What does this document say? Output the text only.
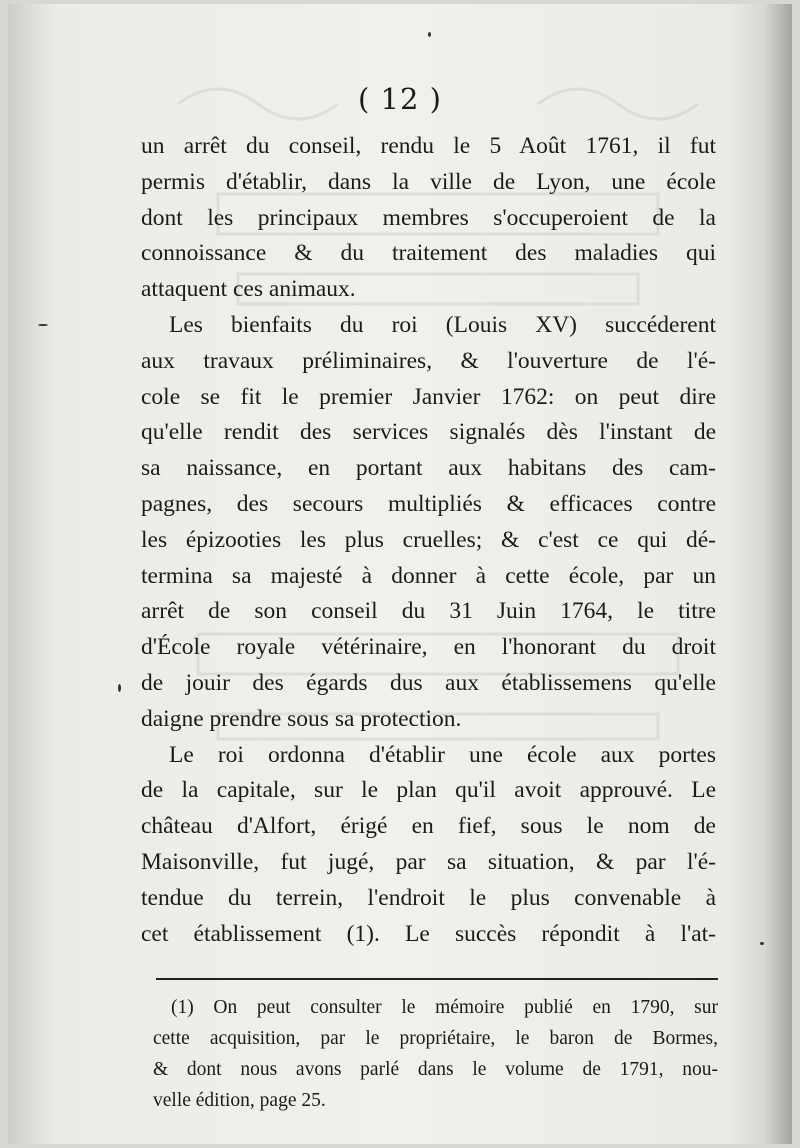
( 12 )
un arrêt du conseil, rendu le 5 Août 1761, il fut
permis d'établir, dans la ville de Lyon, une école
dont les principaux membres s'occuperoient de la
connoissance & du traitement des maladies qui
attaquent ces animaux.
Les bienfaits du roi (Louis XV) succéderent
aux travaux préliminaires, & l'ouverture de l'é-
cole se fit le premier Janvier 1762: on peut dire
qu'elle rendit des services signalés dès l'instant de
sa naissance, en portant aux habitans des cam-
pagnes, des secours multipliés & efficaces contre
les épizooties les plus cruelles; & c'est ce qui dé-
termina sa majesté à donner à cette école, par un
arrêt de son conseil du 31 Juin 1764, le titre
d'École royale vétérinaire, en l'honorant du droit
de jouir des égards dus aux établissemens qu'elle
daigne prendre sous sa protection.
Le roi ordonna d'établir une école aux portes
de la capitale, sur le plan qu'il avoit approuvé. Le
château d'Alfort, érigé en fief, sous le nom de
Maisonville, fut jugé, par sa situation, & par l'é-
tendue du terrein, l'endroit le plus convenable à
cet établissement (1). Le succès répondit à l'at-
(1) On peut consulter le mémoire publié en 1790, sur
cette acquisition, par le propriétaire, le baron de Bormes,
& dont nous avons parlé dans le volume de 1791, nou-
velle édition, page 25.
